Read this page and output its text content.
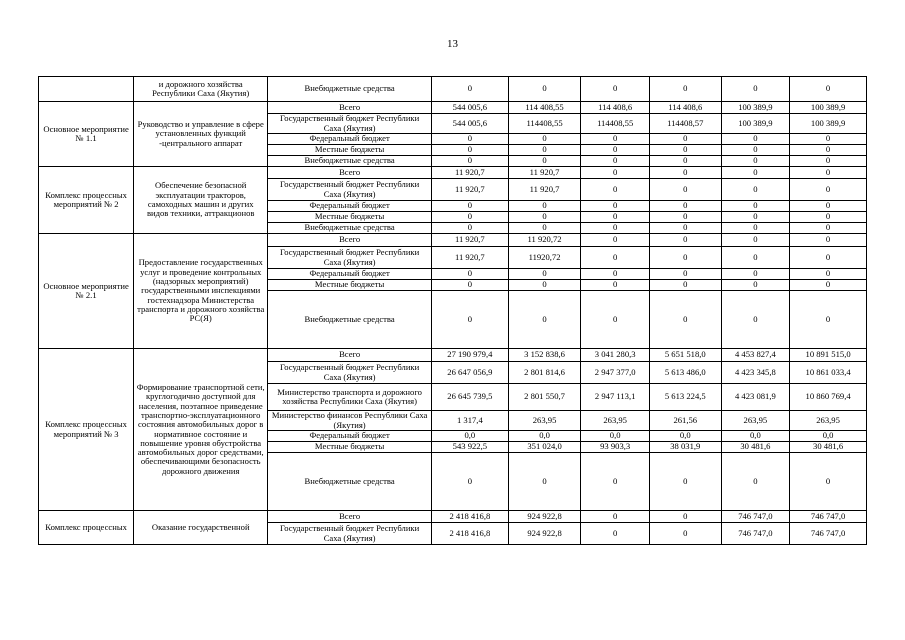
13
	и дорожного хозяйства Республики Саха (Якутия)	Внебюджетные средства	0	0	0	0	0	0
Основное мероприятие № 1.1	Руководство и управление в сфере установленных функций -центрального аппарат	Всего	544 005,6	114 408,55	114 408,6	114 408,6	100 389,9	100 389,9
		Государственный бюджет Республики Саха (Якутия)	544 005,6	114408,55	114408,55	114408,57	100 389,9	100 389,9
		Федеральный бюджет	0	0	0	0	0	0
		Местные бюджеты	0	0	0	0	0	0
		Внебюджетные средства	0	0	0	0	0	0
Комплекс процессных мероприятий № 2	Обеспечение безопасной эксплуатации тракторов, самоходных машин и других видов техники, аттракционов	Всего	11 920,7	11 920,7	0	0	0	0
		Государственный бюджет Республики Саха (Якутия)	11 920,7	11 920,7	0	0	0	0
		Федеральный бюджет	0	0	0	0	0	0
		Местные бюджеты	0	0	0	0	0	0
		Внебюджетные средства	0	0	0	0	0	0
Основное мероприятие № 2.1	Предоставление государственных услуг и проведение контрольных (надзорных мероприятий) государственными инспекциями гостехнадзора Министерства транспорта и дорожного хозяйства РС(Я)	Всего	11 920,7	11 920,72	0	0	0	0
		Государственный бюджет Республики Саха (Якутия)	11 920,7	11920,72	0	0	0	0
		Федеральный бюджет	0	0	0	0	0	0
		Местные бюджеты	0	0	0	0	0	0
		Внебюджетные средства	0	0	0	0	0	0
Комплекс процессных мероприятий № 3	Формирование транспортной сети, круглогодично доступной для населения, поэтапное приведение транспортно-эксплуатационного состояния автомобильных дорог в нормативное состояние и повышение уровня обустройства автомобильных дорог средствами, обеспечивающими безопасность дорожного движения	Всего	27 190 979,4	3 152 838,6	3 041 280,3	5 651 518,0	4 453 827,4	10 891 515,0
		Государственный бюджет Республики Саха (Якутия)	26 647 056,9	2 801 814,6	2 947 377,0	5 613 486,0	4 423 345,8	10 861 033,4
		Министерство транспорта и дорожного хозяйства Республики Саха (Якутия)	26 645 739,5	2 801 550,7	2 947 113,1	5 613 224,5	4 423 081,9	10 860 769,4
		Министерство финансов Республики Саха (Якутия)	1 317,4	263,95	263,95	261,56	263,95	263,95
		Федеральный бюджет	0,0	0,0	0,0	0,0	0,0	0,0
		Местные бюджеты	543 922,5	351 024,0	93 903,3	38 031,9	30 481,6	30 481,6
		Внебюджетные средства	0	0	0	0	0	0
Комплекс процессных	Оказание государственной	Всего	2 418 416,8	924 922,8	0	0	746 747,0	746 747,0
		Государственный бюджет Республики Саха (Якутия)	2 418 416,8	924 922,8	0	0	746 747,0	746 747,0
